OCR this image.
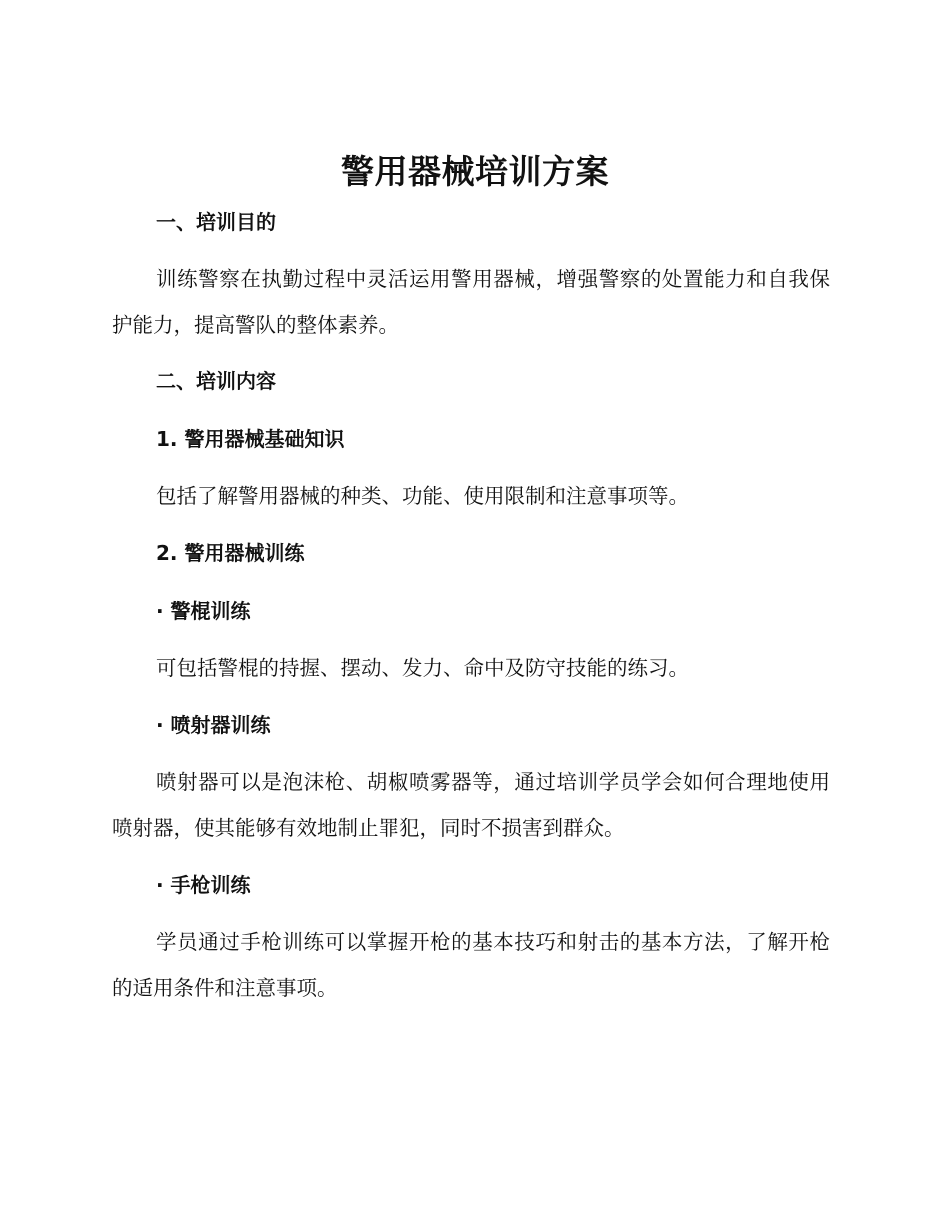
警用器械培训方案
一、培训目的
训练警察在执勤过程中灵活运用警用器械，增强警察的处置能力和自我保护能力，提高警队的整体素养。
二、培训内容
1. 警用器械基础知识
包括了解警用器械的种类、功能、使用限制和注意事项等。
2. 警用器械训练
· 警棍训练
可包括警棍的持握、摆动、发力、命中及防守技能的练习。
· 喷射器训练
喷射器可以是泡沫枪、胡椒喷雾器等，通过培训学员学会如何合理地使用喷射器，使其能够有效地制止罪犯，同时不损害到群众。
· 手枪训练
学员通过手枪训练可以掌握开枪的基本技巧和射击的基本方法，了解开枪的适用条件和注意事项。
